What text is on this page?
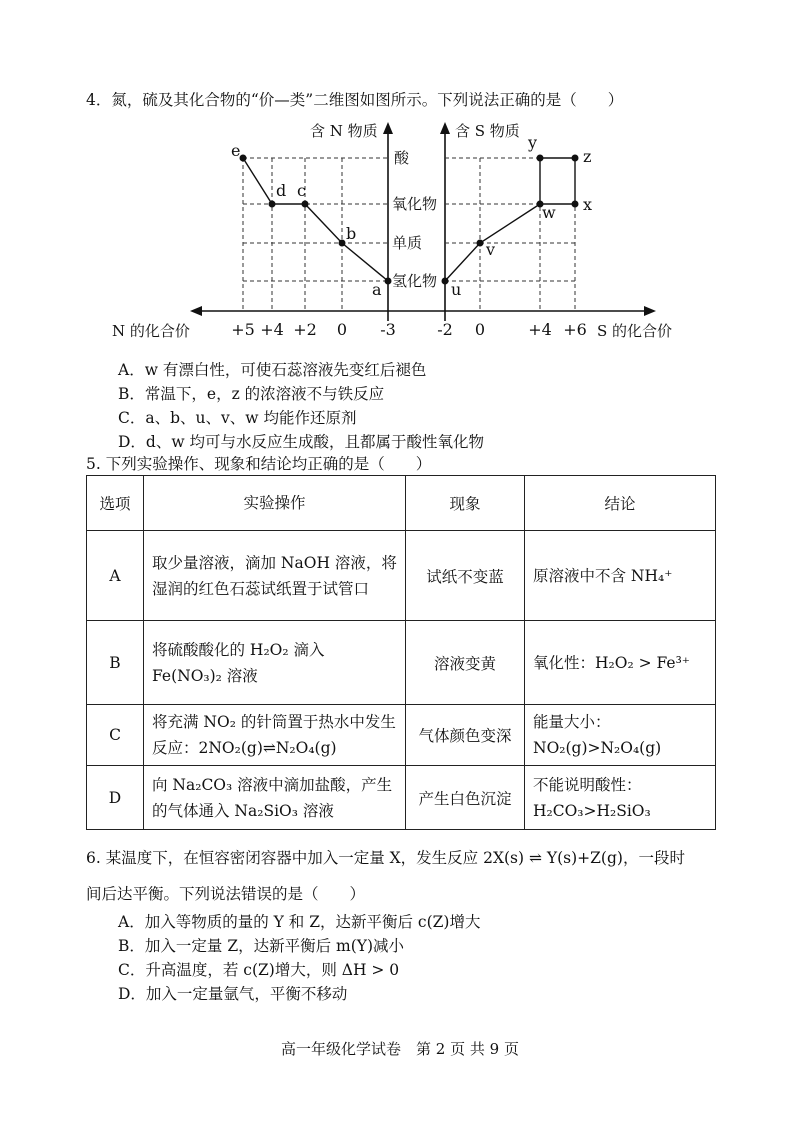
4．氮，硫及其化合物的“价—类”二维图如图所示。下列说法正确的是（　　）
酸
氧化物
单质
氢化物
含 N 物质	含 S 物质
N 的化合价	S 的化合价
+5 +4 +2 0 -3	-2 0	+4 +6
e
d c
b
a	u
v
w x
y
z
A．w 有漂白性，可使石蕊溶液先变红后褪色
B．常温下，e，z 的浓溶液不与铁反应
C．a、b、u、v、w 均能作还原剂
D．d、w 均可与水反应生成酸，且都属于酸性氧化物
5. 下列实验操作、现象和结论均正确的是（　　）
选项	实验操作	现象	结论
A	取少量溶液，滴加 NaOH 溶液，将湿润的红色石蕊试纸置于试管口	试纸不变蓝	原溶液中不含 NH₄⁺
B	将硫酸酸化的 H₂O₂ 滴入 Fe(NO₃)₂ 溶液	溶液变黄	氧化性：H₂O₂ > Fe³⁺
C	将充满 NO₂ 的针筒置于热水中发生反应：2NO₂(g)⇌N₂O₄(g)	气体颜色变深	能量大小：NO₂(g)>N₂O₄(g)
D	向 Na₂CO₃ 溶液中滴加盐酸，产生的气体通入 Na₂SiO₃ 溶液	产生白色沉淀	不能说明酸性：H₂CO₃>H₂SiO₃
6. 某温度下，在恒容密闭容器中加入一定量 X，发生反应 2X(s) ⇌ Y(s)+Z(g)，一段时
间后达平衡。下列说法错误的是（　　）
A．加入等物质的量的 Y 和 Z，达新平衡后 c(Z)增大
B．加入一定量 Z，达新平衡后 m(Y)减小
C．升高温度，若 c(Z)增大，则 ΔH > 0
D．加入一定量氩气，平衡不移动
高一年级化学试卷　第 2 页 共 9 页
